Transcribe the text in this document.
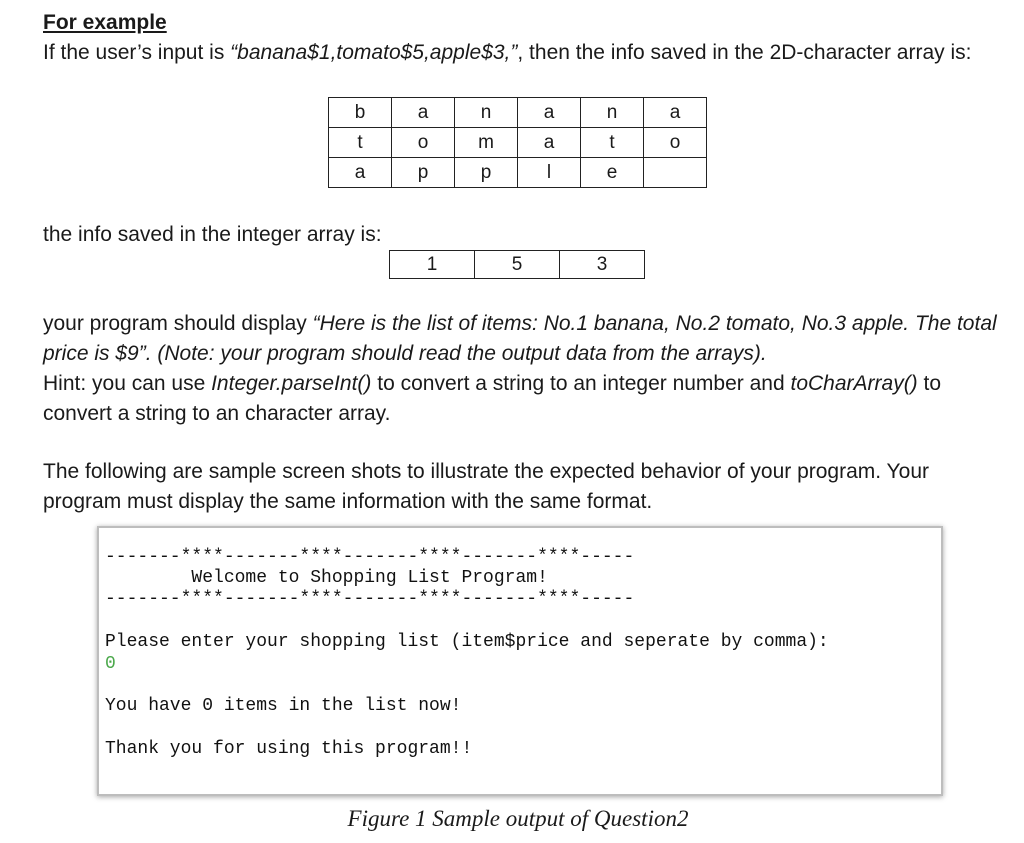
For example

If the user’s input is “banana$1,tomato$5,apple$3,”, then the info saved in the 2D-character array is:

b	a	n	a	n	a
t	o	m	a	t	o
a	p	p	l	e	

the info saved in the integer array is:

1	5	3

your program should display “Here is the list of items: No.1 banana, No.2 tomato, No.3 apple. The total price is $9”. (Note: your program should read the output data from the arrays).
Hint: you can use Integer.parseInt() to convert a string to an integer number and toCharArray() to convert a string to an character array.

The following are sample screen shots to illustrate the expected behavior of your program. Your program must display the same information with the same format.

-------****-------****-------****-------****-----
Welcome to Shopping List Program!
-------****-------****-------****-------****-----
Please enter your shopping list (item$price and seperate by comma):
0
You have 0 items in the list now!
Thank you for using this program!!
Figure 1 Sample output of Question2
